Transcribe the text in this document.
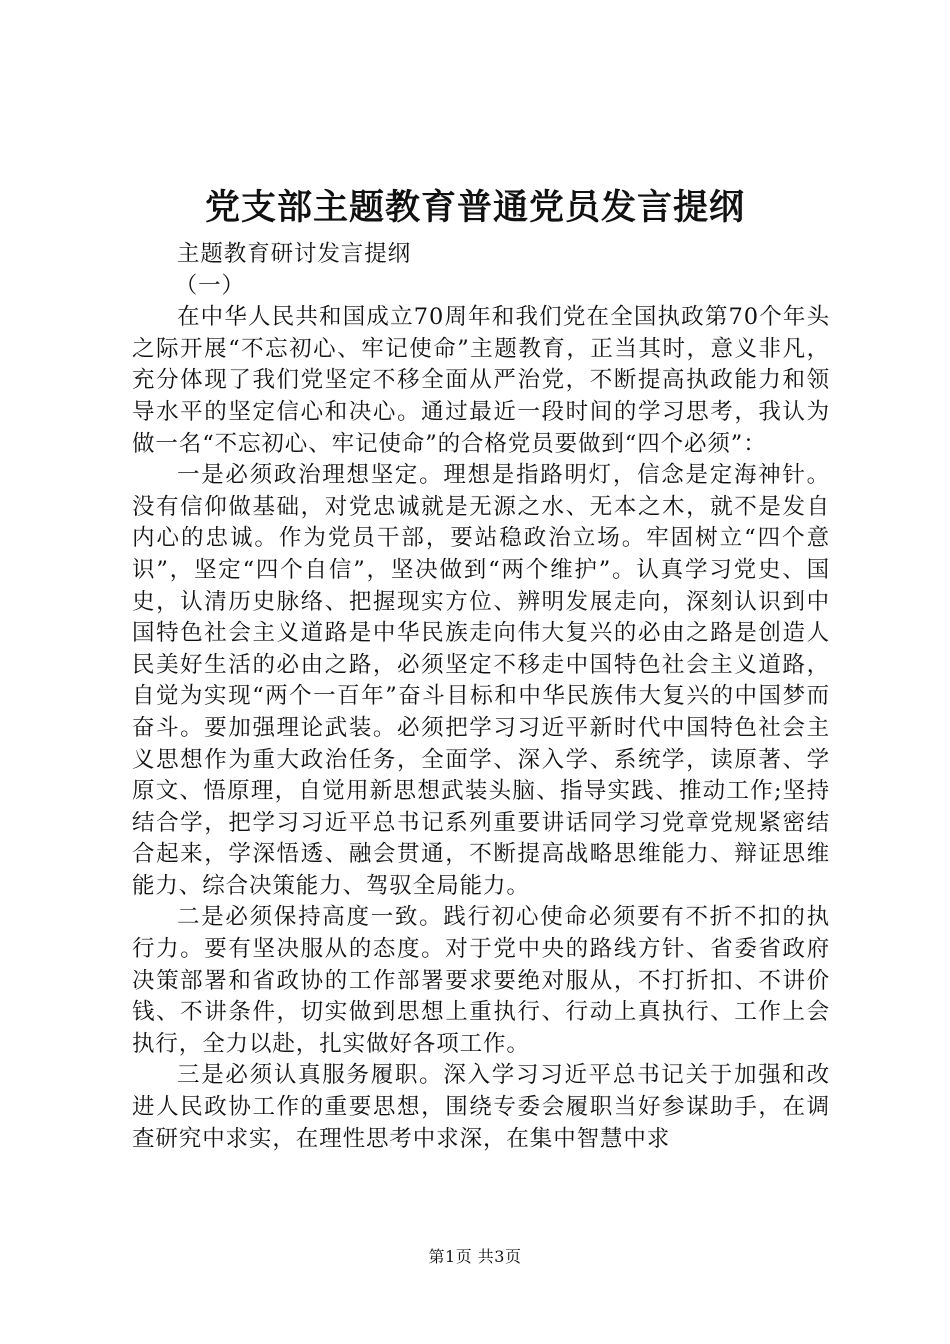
党支部主题教育普通党员发言提纲

主题教育研讨发言提纲

（一）

在中华人民共和国成立70周年和我们党在全国执政第70个年头之际开展“不忘初心、牢记使命”主题教育，正当其时，意义非凡，充分体现了我们党坚定不移全面从严治党，不断提高执政能力和领导水平的坚定信心和决心。通过最近一段时间的学习思考，我认为做一名“不忘初心、牢记使命”的合格党员要做到“四个必须”：

一是必须政治理想坚定。理想是指路明灯，信念是定海神针。没有信仰做基础，对党忠诚就是无源之水、无本之木，就不是发自内心的忠诚。作为党员干部，要站稳政治立场。牢固树立“四个意识”，坚定“四个自信”，坚决做到“两个维护”。认真学习党史、国史，认清历史脉络、把握现实方位、辨明发展走向，深刻认识到中国特色社会主义道路是中华民族走向伟大复兴的必由之路是创造人民美好生活的必由之路，必须坚定不移走中国特色社会主义道路，自觉为实现“两个一百年”奋斗目标和中华民族伟大复兴的中国梦而奋斗。要加强理论武装。必须把学习习近平新时代中国特色社会主义思想作为重大政治任务，全面学、深入学、系统学，读原著、学原文、悟原理，自觉用新思想武装头脑、指导实践、推动工作;坚持结合学，把学习习近平总书记系列重要讲话同学习党章党规紧密结合起来，学深悟透、融会贯通，不断提高战略思维能力、辩证思维能力、综合决策能力、驾驭全局能力。

二是必须保持高度一致。践行初心使命必须要有不折不扣的执行力。要有坚决服从的态度。对于党中央的路线方针、省委省政府决策部署和省政协的工作部署要求要绝对服从，不打折扣、不讲价钱、不讲条件，切实做到思想上重执行、行动上真执行、工作上会执行，全力以赴，扎实做好各项工作。

三是必须认真服务履职。深入学习习近平总书记关于加强和改进人民政协工作的重要思想，围绕专委会履职当好参谋助手，在调查研究中求实，在理性思考中求深，在集中智慧中求

第1页 共3页
